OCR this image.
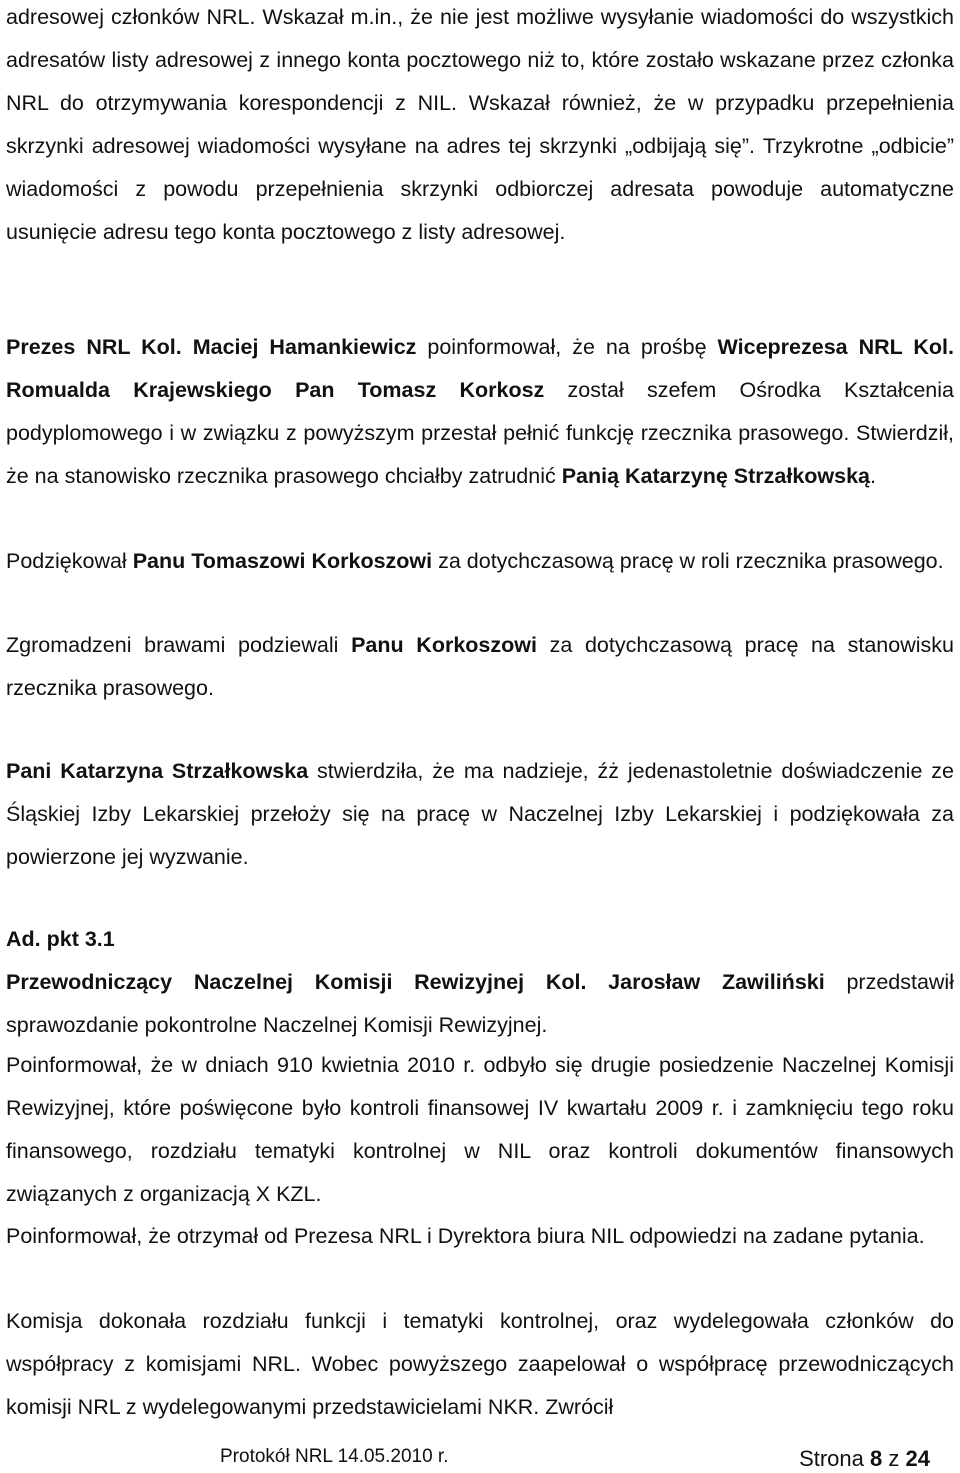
adresowej członków NRL. Wskazał m.in., że nie jest możliwe wysyłanie wiadomości do wszystkich adresatów listy adresowej z innego konta pocztowego niż to, które zostało wskazane przez członka NRL do otrzymywania korespondencji z NIL. Wskazał również, że w przypadku przepełnienia skrzynki adresowej wiadomości wysyłane na adres tej skrzynki „odbijają się”. Trzykrotne „odbicie” wiadomości z powodu przepełnienia skrzynki odbiorczej adresata powoduje automatyczne usunięcie adresu tego konta pocztowego z listy adresowej.

Prezes NRL Kol. Maciej Hamankiewicz poinformował, że na prośbę Wiceprezesa NRL Kol. Romualda Krajewskiego Pan Tomasz Korkosz został szefem Ośrodka Kształcenia podyplomowego i w związku z powyższym przestał pełnić funkcję rzecznika prasowego. Stwierdził, że na stanowisko rzecznika prasowego chciałby zatrudnić Panią Katarzynę Strzałkowską.

Podziękował Panu Tomaszowi Korkoszowi za dotychczasową pracę w roli rzecznika prasowego.

Zgromadzeni brawami podziewali Panu Korkoszowi za dotychczasową pracę na stanowisku rzecznika prasowego.

Pani Katarzyna Strzałkowska stwierdziła, że ma nadzieje, źż jedenastoletnie doświadczenie ze Śląskiej Izby Lekarskiej przełoży się na pracę w Naczelnej Izby Lekarskiej i podziękowała za powierzone jej wyzwanie.

Ad. pkt 3.1

Przewodniczący Naczelnej Komisji Rewizyjnej Kol. Jarosław Zawiliński przedstawił sprawozdanie pokontrolne Naczelnej Komisji Rewizyjnej.

Poinformował, że w dniach 910 kwietnia 2010 r. odbyło się drugie posiedzenie Naczelnej Komisji Rewizyjnej, które poświęcone było kontroli finansowej IV kwartału 2009 r. i zamknięciu tego roku finansowego, rozdziału tematyki kontrolnej w NIL oraz kontroli dokumentów finansowych związanych z organizacją X KZL.

Poinformował, że otrzymał od Prezesa NRL i Dyrektora biura NIL odpowiedzi na zadane pytania.

Komisja dokonała rozdziału funkcji i tematyki kontrolnej, oraz wydelegowała członków do współpracy z komisjami NRL. Wobec powyższego zaapelował o współpracę przewodniczących komisji NRL z wydelegowanymi przedstawicielami NKR. Zwrócił

Protokół NRL 14.05.2010 r.	Strona 8 z 24
